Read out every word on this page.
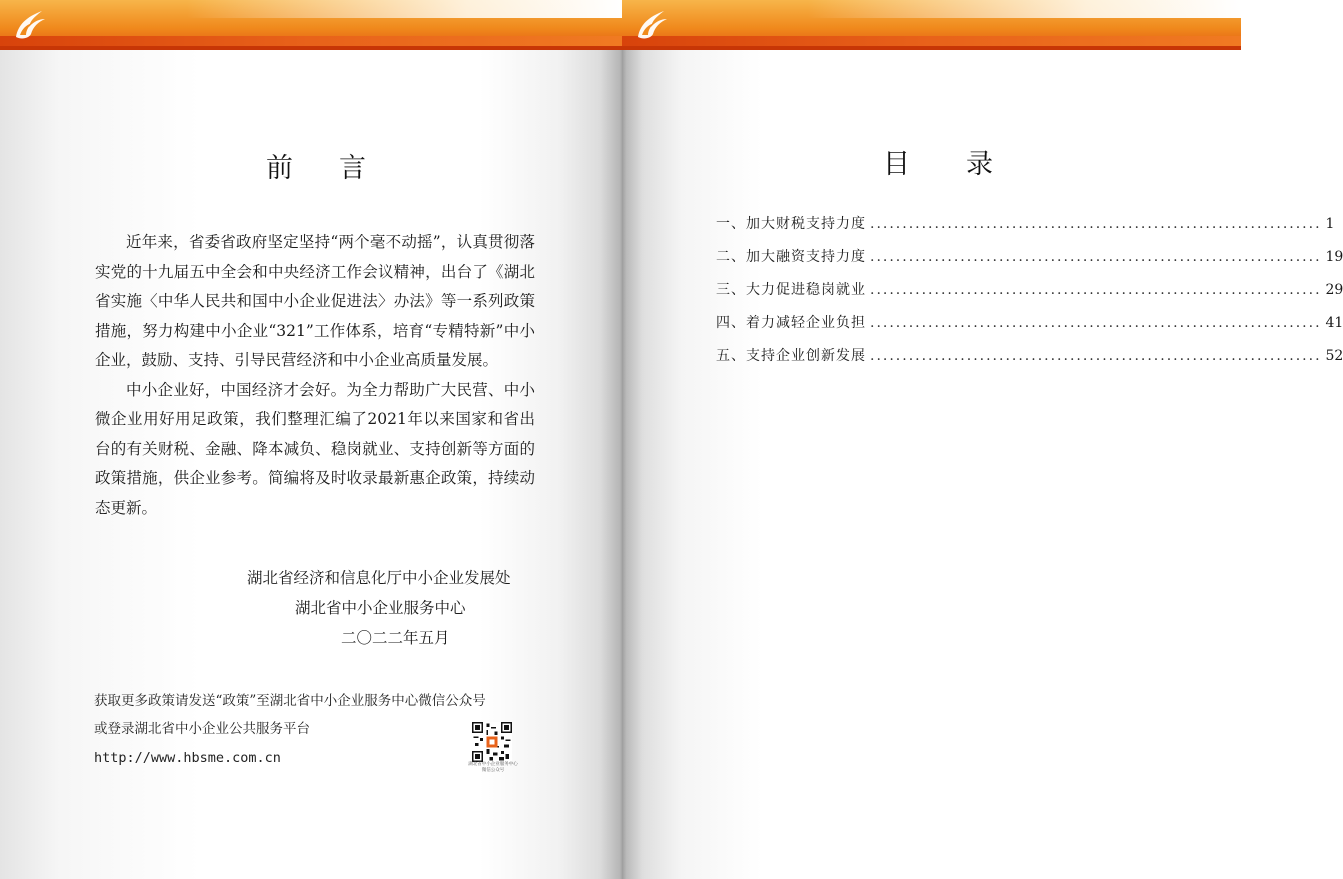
前 言

近年来，省委省政府坚定坚持“两个毫不动摇”，认真贯彻落实党的十九届五中全会和中央经济工作会议精神，出台了《湖北省实施〈中华人民共和国中小企业促进法〉办法》等一系列政策措施，努力构建中小企业“321”工作体系，培育“专精特新”中小企业，鼓励、支持、引导民营经济和中小企业高质量发展。

中小企业好，中国经济才会好。为全力帮助广大民营、中小微企业用好用足政策，我们整理汇编了2021年以来国家和省出台的有关财税、金融、降本减负、稳岗就业、支持创新等方面的政策措施，供企业参考。简编将及时收录最新惠企政策，持续动态更新。

湖北省经济和信息化厅中小企业发展处
湖北省中小企业服务中心
二〇二二年五月
获取更多政策请发送“政策”至湖北省中小企业服务中心微信公众号
或登录湖北省中小企业公共服务平台
http://www.hbsme.com.cn	湖北省中小企业服务中心 微信公众号
目 录
一、加大财税支持力度 ...................................................................... 1
二、加大融资支持力度 ...................................................................... 19
三、大力促进稳岗就业 ...................................................................... 29
四、着力减轻企业负担 ...................................................................... 41
五、支持企业创新发展 ...................................................................... 52
